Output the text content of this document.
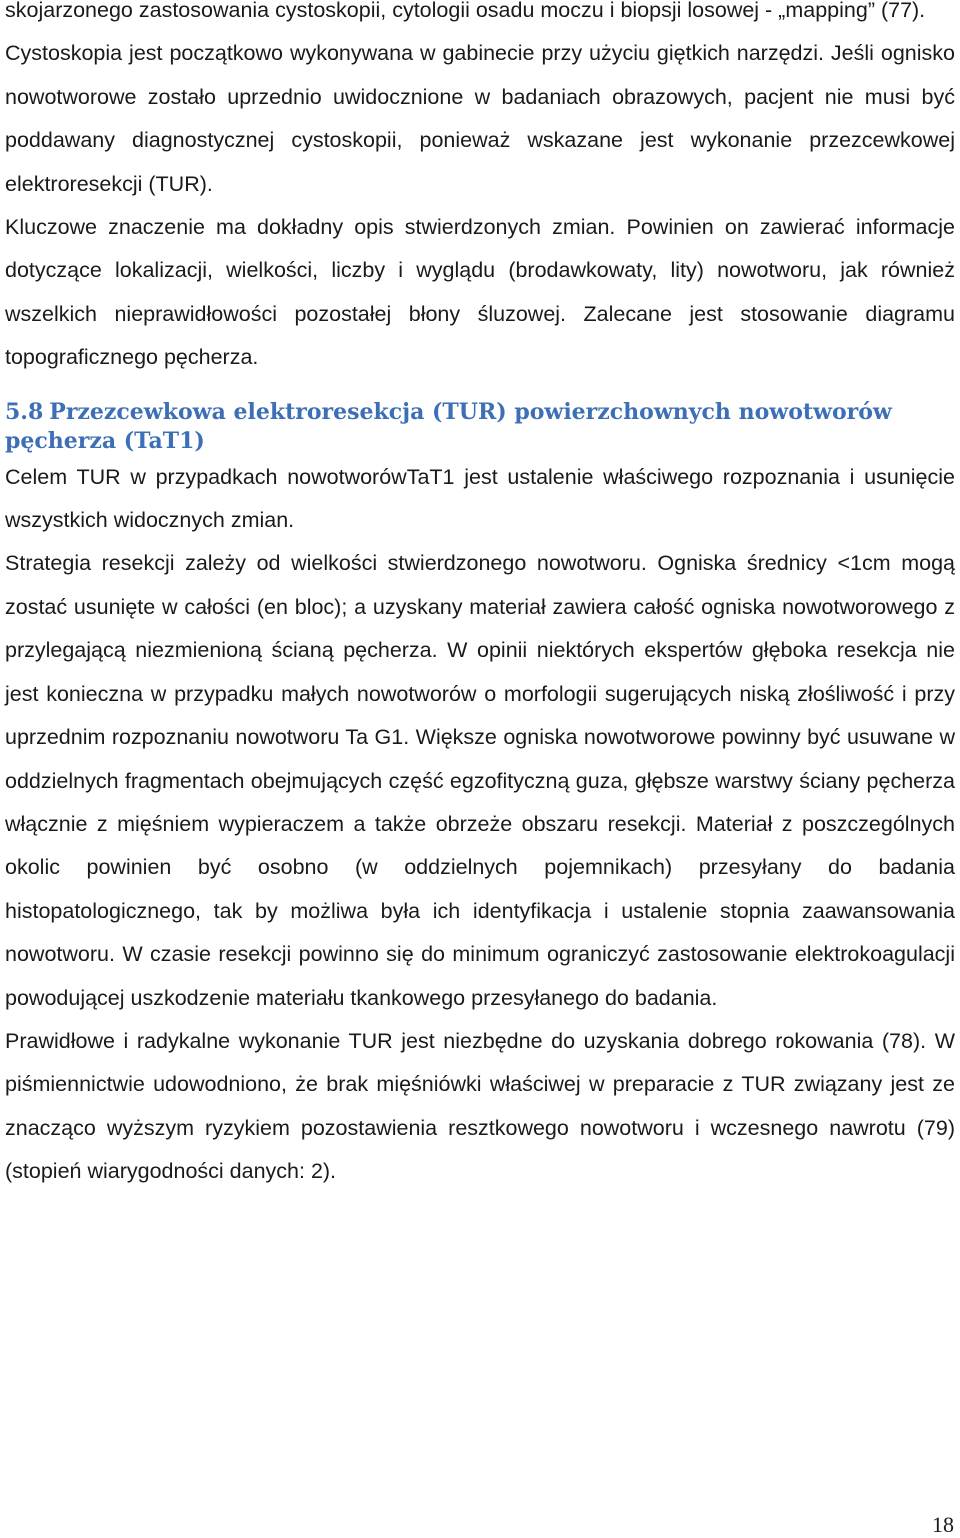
skojarzonego zastosowania cystoskopii, cytologii osadu moczu i biopsji losowej - „mapping” (77).

Cystoskopia jest początkowo wykonywana w gabinecie przy użyciu giętkich narzędzi. Jeśli ognisko nowotworowe zostało uprzednio uwidocznione w badaniach obrazowych, pacjent nie musi być poddawany diagnostycznej cystoskopii, ponieważ wskazane jest wykonanie przezcewkowej elektroresekcji (TUR).

Kluczowe znaczenie ma dokładny opis stwierdzonych zmian. Powinien on zawierać informacje dotyczące lokalizacji, wielkości, liczby i wyglądu (brodawkowaty, lity) nowotworu, jak również wszelkich nieprawidłowości pozostałej błony śluzowej. Zalecane jest stosowanie diagramu topograficznego pęcherza.

5.8 Przezcewkowa elektroresekcja (TUR) powierzchownych nowotworów pęcherza (TaT1)

Celem TUR w przypadkach nowotworówTaT1 jest ustalenie właściwego rozpoznania i usunięcie wszystkich widocznych zmian.

Strategia resekcji zależy od wielkości stwierdzonego nowotworu. Ogniska średnicy <1cm mogą zostać usunięte w całości (en bloc); a uzyskany materiał zawiera całość ogniska nowotworowego z przylegającą niezmienioną ścianą pęcherza. W opinii niektórych ekspertów głęboka resekcja nie jest konieczna w przypadku małych nowotworów o morfologii sugerujących niską złośliwość i przy uprzednim rozpoznaniu nowotworu Ta G1. Większe ogniska nowotworowe powinny być usuwane w oddzielnych fragmentach obejmujących część egzofityczną guza, głębsze warstwy ściany pęcherza włącznie z mięśniem wypieraczem a także obrzeże obszaru resekcji. Materiał z poszczególnych okolic powinien być osobno (w oddzielnych pojemnikach) przesyłany do badania histopatologicznego, tak by możliwa była ich identyfikacja i ustalenie stopnia zaawansowania nowotworu. W czasie resekcji powinno się do minimum ograniczyć zastosowanie elektrokoagulacji powodującej uszkodzenie materiału tkankowego przesyłanego do badania.

Prawidłowe i radykalne wykonanie TUR jest niezbędne do uzyskania dobrego rokowania (78). W piśmiennictwie udowodniono, że brak mięśniówki właściwej w preparacie z TUR związany jest ze znacząco wyższym ryzykiem pozostawienia resztkowego nowotworu i wczesnego nawrotu (79)(stopień wiarygodności danych: 2).

18
